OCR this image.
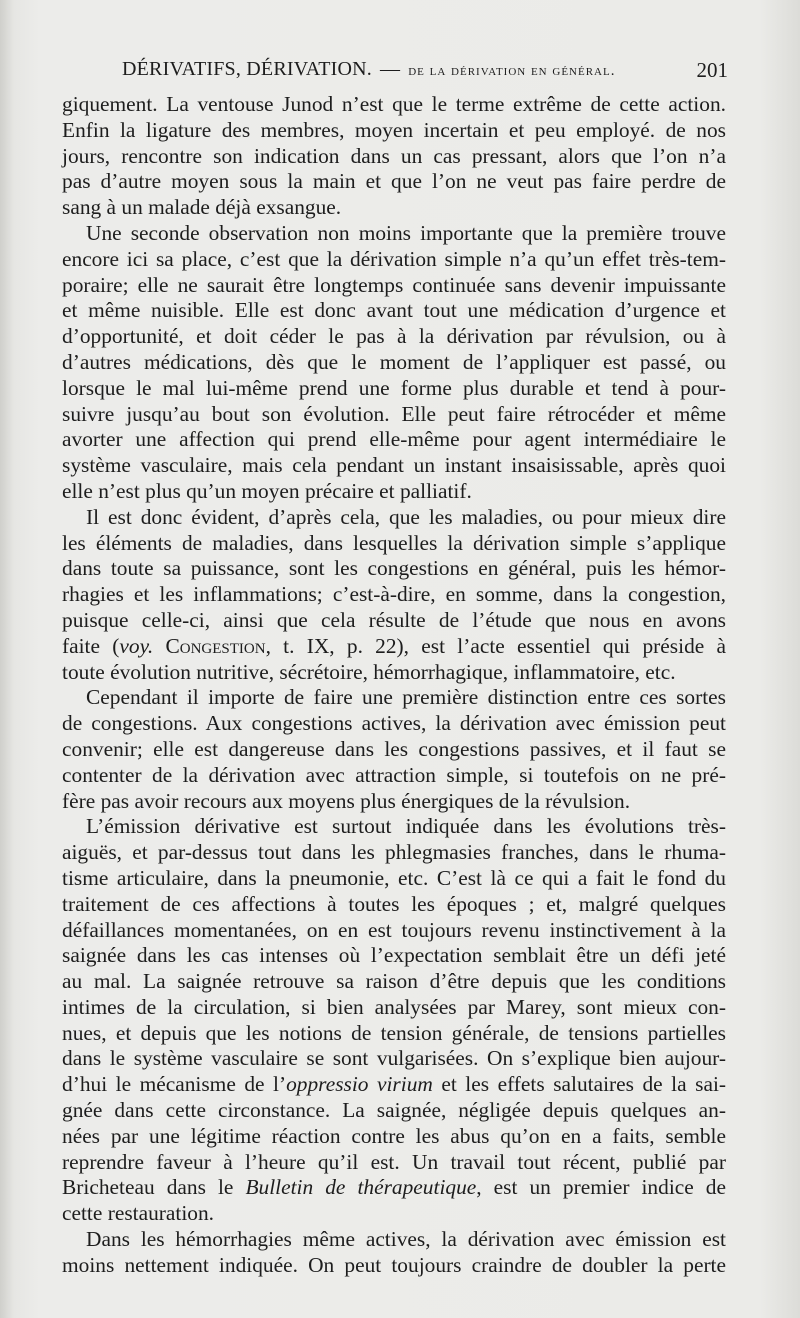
DÉRIVATIFS, DÉRIVATION. — de la dérivation en général.	201
giquement. La ventouse Junod n’est que le terme extrême de cette action.
Enfin la ligature des membres, moyen incertain et peu employé. de nos
jours, rencontre son indication dans un cas pressant, alors que l’on n’a
pas d’autre moyen sous la main et que l’on ne veut pas faire perdre de
sang à un malade déjà exsangue.
Une seconde observation non moins importante que la première trouve
encore ici sa place, c’est que la dérivation simple n’a qu’un effet très-tem-
poraire; elle ne saurait être longtemps continuée sans devenir impuissante
et même nuisible. Elle est donc avant tout une médication d’urgence et
d’opportunité, et doit céder le pas à la dérivation par révulsion, ou à
d’autres médications, dès que le moment de l’appliquer est passé, ou
lorsque le mal lui-même prend une forme plus durable et tend à pour-
suivre jusqu’au bout son évolution. Elle peut faire rétrocéder et même
avorter une affection qui prend elle-même pour agent intermédiaire le
système vasculaire, mais cela pendant un instant insaisissable, après quoi
elle n’est plus qu’un moyen précaire et palliatif.
Il est donc évident, d’après cela, que les maladies, ou pour mieux dire
les éléments de maladies, dans lesquelles la dérivation simple s’applique
dans toute sa puissance, sont les congestions en général, puis les hémor-
rhagies et les inflammations; c’est-à-dire, en somme, dans la congestion,
puisque celle-ci, ainsi que cela résulte de l’étude que nous en avons
faite (voy. Congestion, t. IX, p. 22), est l’acte essentiel qui préside à
toute évolution nutritive, sécrétoire, hémorrhagique, inflammatoire, etc.
Cependant il importe de faire une première distinction entre ces sortes
de congestions. Aux congestions actives, la dérivation avec émission peut
convenir; elle est dangereuse dans les congestions passives, et il faut se
contenter de la dérivation avec attraction simple, si toutefois on ne pré-
fère pas avoir recours aux moyens plus énergiques de la révulsion.
L’émission dérivative est surtout indiquée dans les évolutions très-
aiguës, et par-dessus tout dans les phlegmasies franches, dans le rhuma-
tisme articulaire, dans la pneumonie, etc. C’est là ce qui a fait le fond du
traitement de ces affections à toutes les époques ; et, malgré quelques
défaillances momentanées, on en est toujours revenu instinctivement à la
saignée dans les cas intenses où l’expectation semblait être un défi jeté
au mal. La saignée retrouve sa raison d’être depuis que les conditions
intimes de la circulation, si bien analysées par Marey, sont mieux con-
nues, et depuis que les notions de tension générale, de tensions partielles
dans le système vasculaire se sont vulgarisées. On s’explique bien aujour-
d’hui le mécanisme de l’oppressio virium et les effets salutaires de la sai-
gnée dans cette circonstance. La saignée, négligée depuis quelques an-
nées par une légitime réaction contre les abus qu’on en a faits, semble
reprendre faveur à l’heure qu’il est. Un travail tout récent, publié par
Bricheteau dans le Bulletin de thérapeutique, est un premier indice de
cette restauration.
Dans les hémorrhagies même actives, la dérivation avec émission est
moins nettement indiquée. On peut toujours craindre de doubler la perte
